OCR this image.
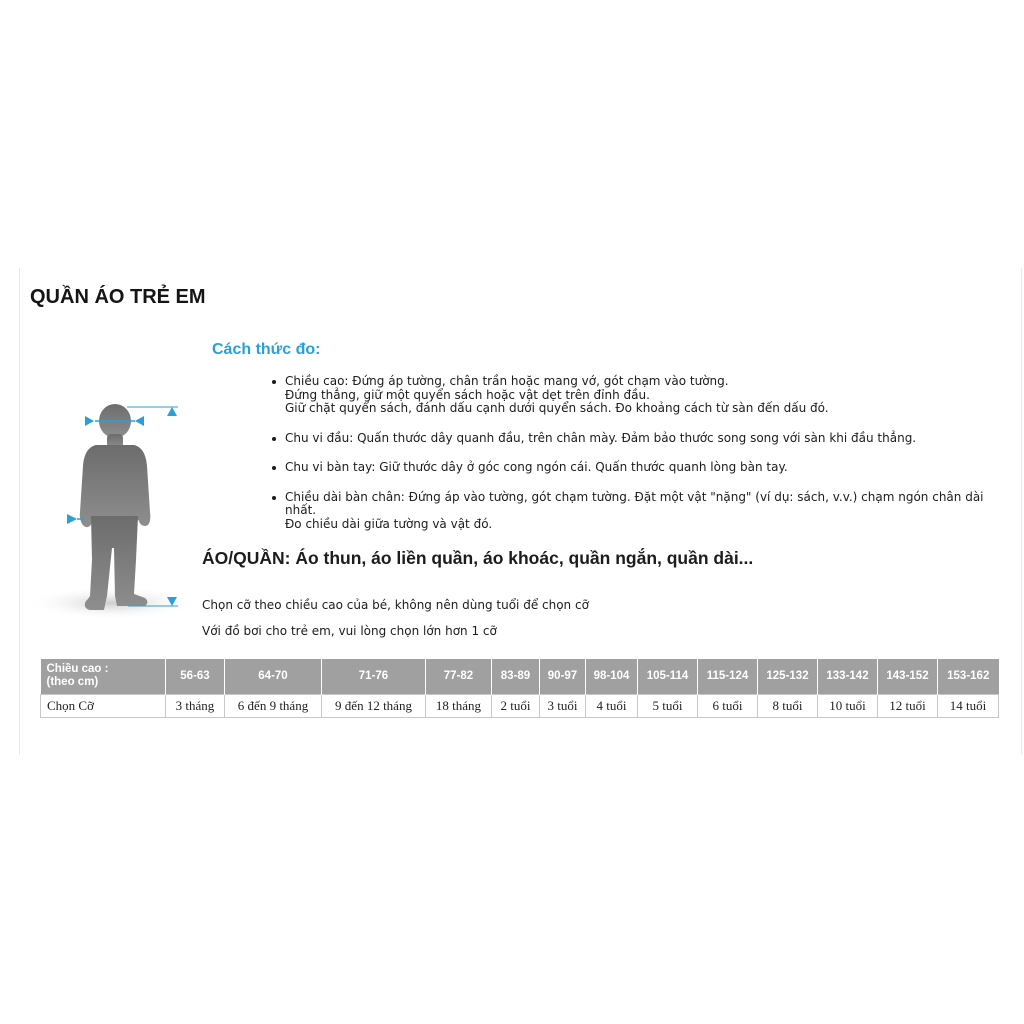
QUẦN ÁO TRẺ EM
Cách thức đo:
Chiều cao: Đứng áp tường, chân trần hoặc mang vớ, gót chạm vào tường.
Đứng thẳng, giữ một quyển sách hoặc vật dẹt trên đỉnh đầu.
Giữ chặt quyển sách, đánh dấu cạnh dưới quyển sách. Đo khoảng cách từ sàn đến dấu đó.
Chu vi đầu: Quấn thước dây quanh đầu, trên chân mày. Đảm bảo thước song song với sàn khi đầu thẳng.
Chu vi bàn tay: Giữ thước dây ở góc cong ngón cái. Quấn thước quanh lòng bàn tay.
Chiều dài bàn chân: Đứng áp vào tường, gót chạm tường. Đặt một vật "nặng" (ví dụ: sách, v.v.) chạm ngón chân dài nhất.
Đo chiều dài giữa tường và vật đó.
ÁO/QUẦN: Áo thun, áo liền quần, áo khoác, quần ngắn, quần dài...
Chọn cỡ theo chiều cao của bé, không nên dùng tuổi để chọn cỡ
Với đồ bơi cho trẻ em, vui lòng chọn lớn hơn 1 cỡ
Chiều cao :
(theo cm)	56-63	64-70	71-76	77-82	83-89	90-97	98-104	105-114	115-124	125-132	133-142	143-152	153-162
Chọn Cỡ	3 tháng	6 đến 9 tháng	9 đến 12 tháng	18 tháng	2 tuổi	3 tuổi	4 tuổi	5 tuổi	6 tuổi	8 tuổi	10 tuổi	12 tuổi	14 tuổi
